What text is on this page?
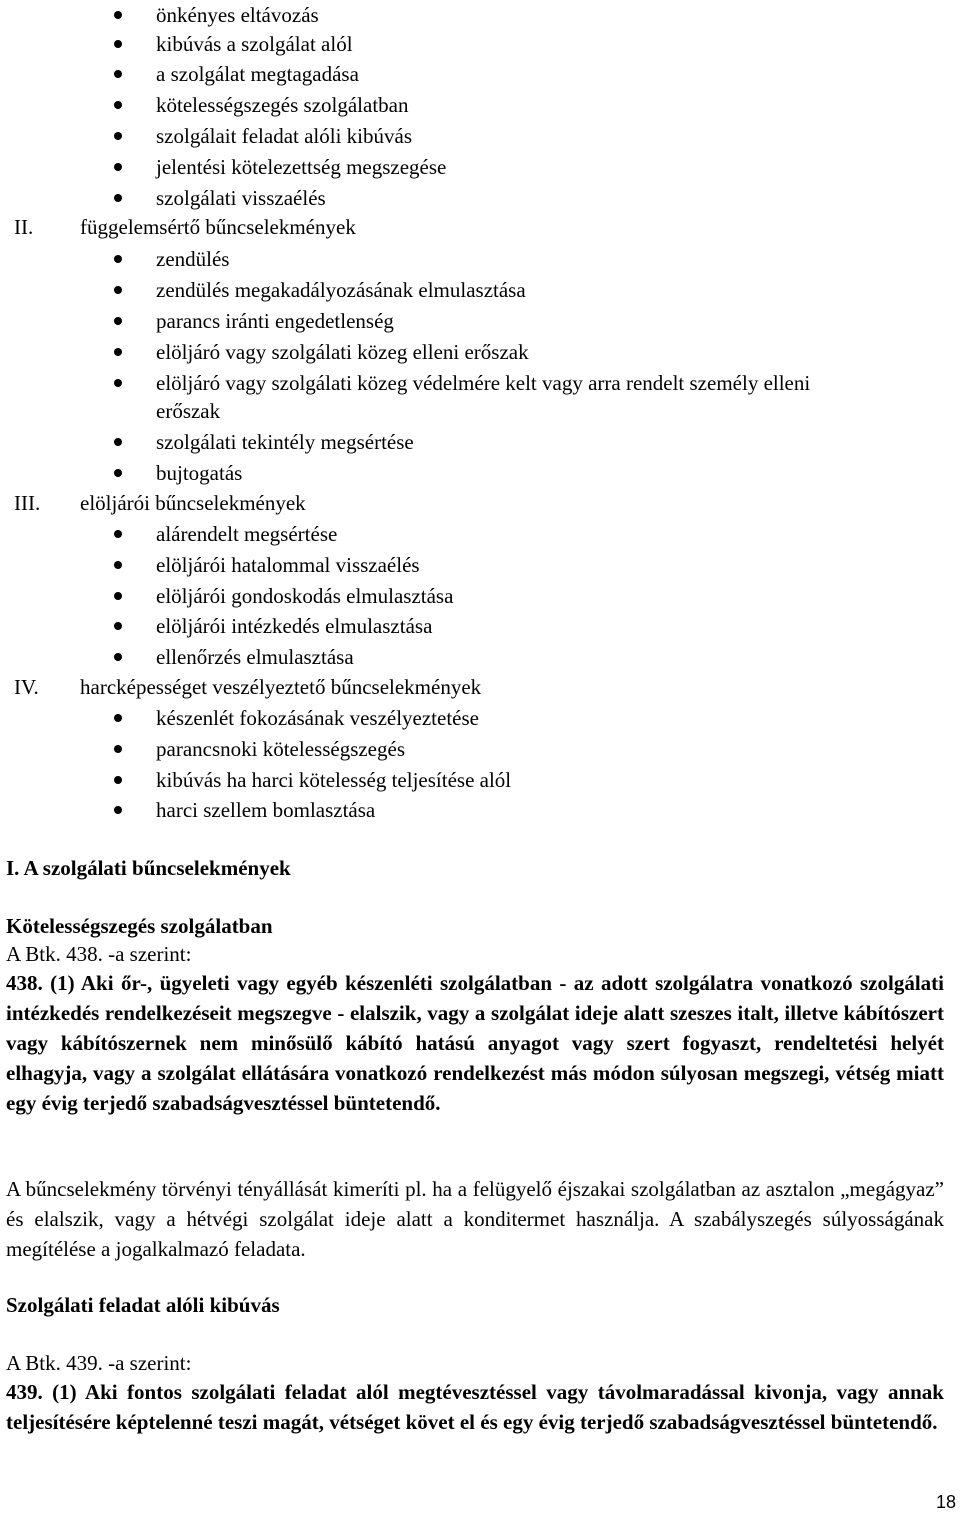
önkényes eltávozás
kibúvás a szolgálat alól
a szolgálat megtagadása
kötelességszegés szolgálatban
szolgálait feladat alóli kibúvás
jelentési kötelezettség megszegése
szolgálati visszaélés
II.	függelemsértő bűncselekmények
zendülés
zendülés megakadályozásának elmulasztása
parancs iránti engedetlenség
elöljáró vagy szolgálati közeg elleni erőszak
elöljáró vagy szolgálati közeg védelmére kelt vagy arra rendelt személy elleni
erőszak
szolgálati tekintély megsértése
bujtogatás
III.	elöljárói bűncselekmények
alárendelt megsértése
elöljárói hatalommal visszaélés
elöljárói gondoskodás elmulasztása
elöljárói intézkedés elmulasztása
ellenőrzés elmulasztása
IV.	harcképességet veszélyeztető bűncselekmények
készenlét fokozásának veszélyeztetése
parancsnoki kötelességszegés
kibúvás ha harci kötelesség teljesítése alól
harci szellem bomlasztása
I. A szolgálati bűncselekmények
Kötelességszegés szolgálatban
A Btk. 438. -a szerint:
438. (1) Aki őr-, ügyeleti vagy egyéb készenléti szolgálatban - az adott szolgálatra vonatkozó szolgálati intézkedés rendelkezéseit megszegve - elalszik, vagy a szolgálat ideje alatt szeszes italt, illetve kábítószert vagy kábítószernek nem minősülő kábító hatású anyagot vagy szert fogyaszt, rendeltetési helyét elhagyja, vagy a szolgálat ellátására vonatkozó rendelkezést más módon súlyosan megszegi, vétség miatt egy évig terjedő szabadságvesztéssel büntetendő.
A bűncselekmény törvényi tényállását kimeríti pl. ha a felügyelő éjszakai szolgálatban az asztalon „megágyaz” és elalszik, vagy a hétvégi szolgálat ideje alatt a konditermet használja. A szabályszegés súlyosságának megítélése a jogalkalmazó feladata.
Szolgálati feladat alóli kibúvás
A Btk. 439. -a szerint:
439. (1) Aki fontos szolgálati feladat alól megtévesztéssel vagy távolmaradással kivonja, vagy annak teljesítésére képtelenné teszi magát, vétséget követ el és egy évig terjedő szabadságvesztéssel büntetendő.
18
